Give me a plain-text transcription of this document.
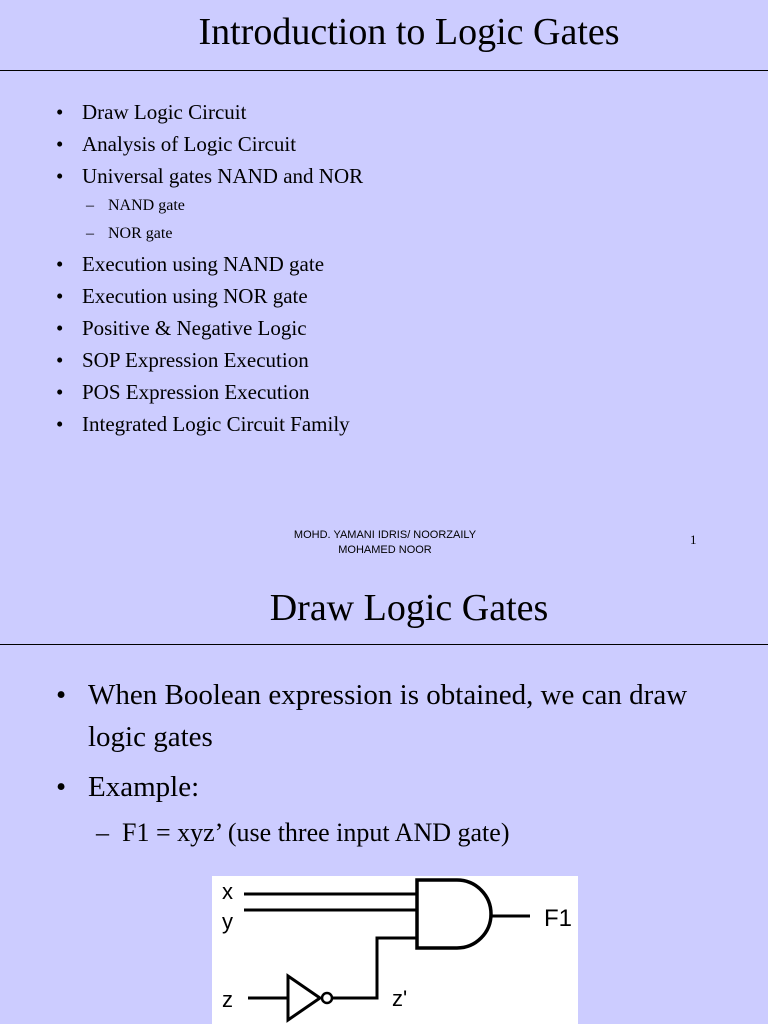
Introduction to Logic Gates
• Draw Logic Circuit
• Analysis of Logic Circuit
• Universal gates NAND and NOR
– NAND gate
– NOR gate
• Execution using NAND gate
• Execution using NOR gate
• Positive & Negative Logic
• SOP Expression Execution
• POS Expression Execution
• Integrated Logic Circuit Family
MOHD. YAMANI IDRIS/ NOORZAILY
MOHAMED NOOR
1
Draw Logic Gates
• When Boolean expression is obtained, we can draw logic gates
• Example:
– F1 = xyz’ (use three input AND gate)
x
y
z
F1
z'
